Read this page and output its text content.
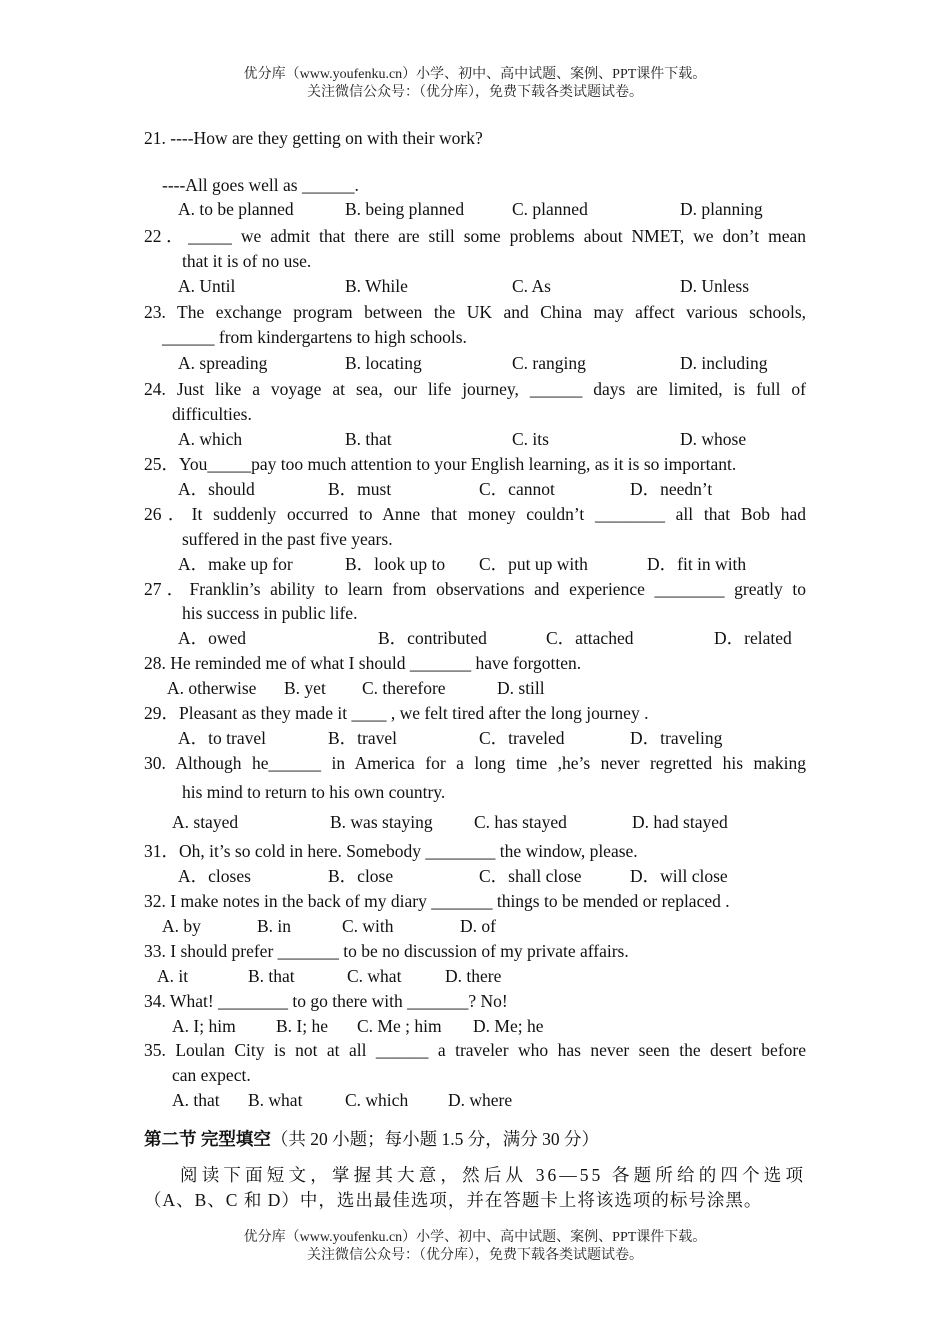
优分库（www.youfenku.cn）小学、初中、高中试题、案例、PPT课件下载。
关注微信公众号：（优分库），免费下载各类试题试卷。
21. ----How are they getting on with their work?
----All goes well as ______.
A. to be planned	B. being planned	C. planned	D. planning
22．_____ we admit that there are still some problems about NMET, we don’t mean
that it is of no use.
A. Until	B. While	C. As	D. Unless
23. The exchange program between the UK and China may affect various schools,
______ from kindergartens to high schools.
A. spreading	B. locating	C. ranging	D. including
24. Just like a voyage at sea, our life journey, ______ days are limited, is full of
difficulties.
A. which	B. that	C. its	D. whose
25．You_____pay too much attention to your English learning, as it is so important.
A．should	B．must	C．cannot	D．needn’t
26．It suddenly occurred to Anne that money couldn’t ________ all that Bob had
suffered in the past five years.
A．make up for	B．look up to C．put up with	D．fit in with
27．Franklin’s ability to learn from observations and experience ________ greatly to
his success in public life.
A．owed	B．contributed	C．attached	D．related
28. He reminded me of what I should _______ have forgotten.
A. otherwise B. yet C. therefore	D. still
29．Pleasant as they made it ____ , we felt tired after the long journey .
A．to travel	B．travel	C．traveled	D．traveling
30. Although he______ in America for a long time ,he’s never regretted his making
his mind to return to his own country.
A. stayed	B. was staying C. has stayed	D. had stayed
31．Oh, it’s so cold in here. Somebody ________ the window, please.
A．closes	B．close	C．shall close	D．will close
32. I make notes in the back of my diary _______ things to be mended or replaced .
A. by	B. in	C. with	D. of
33. I should prefer _______ to be no discussion of my private affairs.
A. it	B. that	C. what D. there
34. What! ________ to go there with _______? No!
A. I; him B. I; he C. Me ; him D. Me; he
35. Loulan City is not at all ______ a traveler who has never seen the desert before
can expect.
A. that B. what C. which D. where
第二节 完型填空（共 20 小题；每小题 1.5 分，满分 30 分）
阅读下面短文，掌握其大意，然后从 36—55 各题所给的四个选项
（A、B、C 和 D）中，选出最佳选项，并在答题卡上将该选项的标号涂黑。
优分库（www.youfenku.cn）小学、初中、高中试题、案例、PPT课件下载。
关注微信公众号：（优分库），免费下载各类试题试卷。
